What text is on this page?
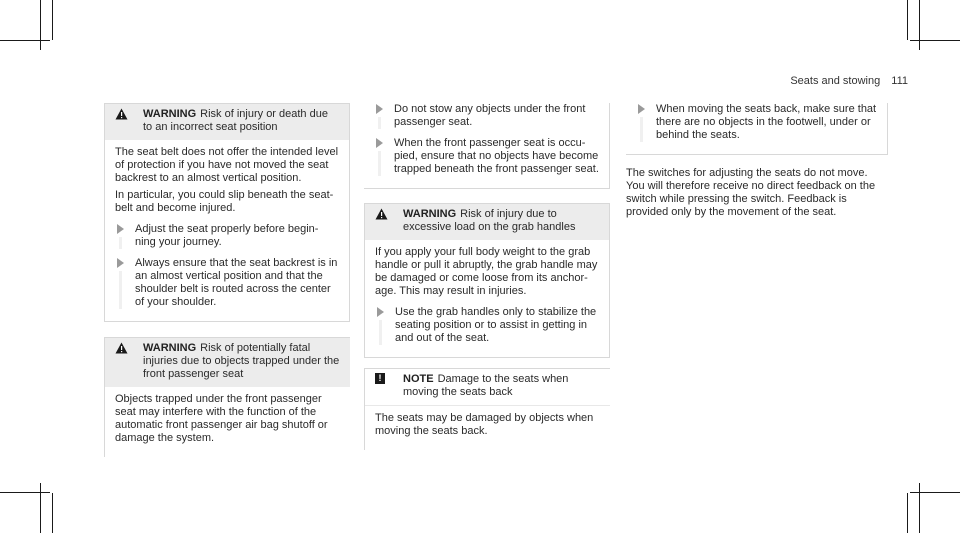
Seats and stowing 111
WARNING Risk of injury or death due to an incorrect seat position

The seat belt does not offer the intended level of protection if you have not moved the seat backrest to an almost vertical position.

In particular, you could slip beneath the seat-belt and become injured.

Adjust the seat properly before begin-ning your journey.
Always ensure that the seat backrest is in an almost vertical position and that the shoulder belt is routed across the center of your shoulder.
WARNING Risk of potentially fatal injuries due to objects trapped under the front passenger seat

Objects trapped under the front passenger seat may interfere with the function of the automatic front passenger air bag shutoff or damage the system.

Do not stow any objects under the front passenger seat.
When the front passenger seat is occu-pied, ensure that no objects have become trapped beneath the front passenger seat.
WARNING Risk of injury due to excessive load on the grab handles

If you apply your full body weight to the grab handle or pull it abruptly, the grab handle may be damaged or come loose from its anchor-age. This may result in injuries.

Use the grab handles only to stabilize the seating position or to assist in getting in and out of the seat.
!	NOTE Damage to the seats when moving the seats back

The seats may be damaged by objects when moving the seats back.

When moving the seats back, make sure that there are no objects in the footwell, under or behind the seats.
The switches for adjusting the seats do not move. You will therefore receive no direct feedback on the switch while pressing the switch. Feedback is provided only by the movement of the seat.
